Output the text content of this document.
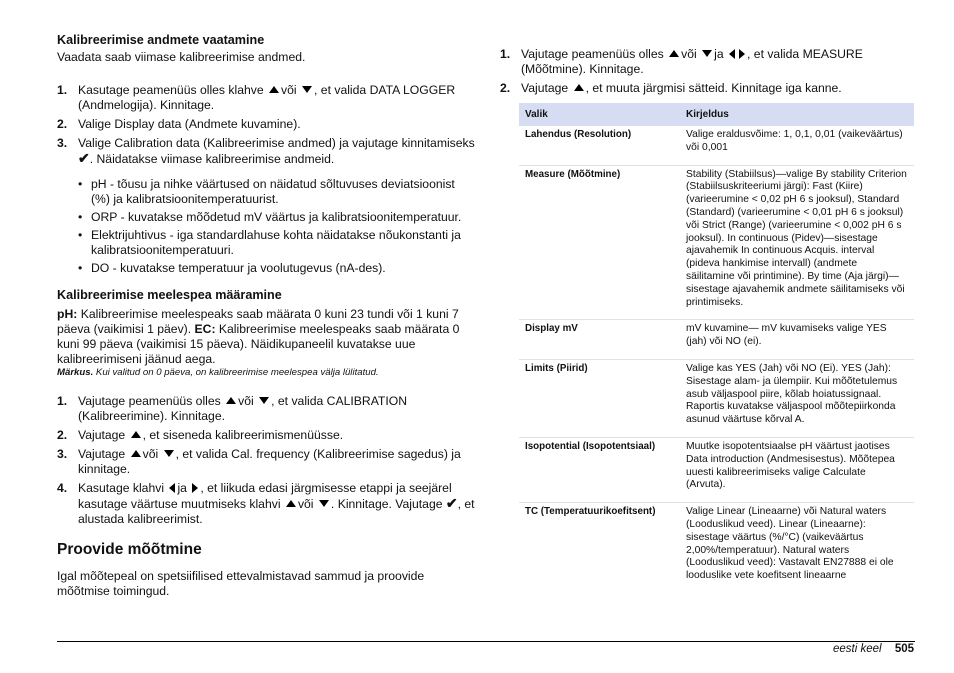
Kalibreerimise andmete vaatamine

Vaadata saab viimase kalibreerimise andmed.

1. Kasutage peamenüüs olles klahve või , et valida DATA LOGGER (Andmelogija). Kinnitage.
2. Valige Display data (Andmete kuvamine).
3. Valige Calibration data (Kalibreerimise andmed) ja vajutage kinnitamiseks ✔. Näidatakse viimase kalibreerimise andmeid.
• pH - tõusu ja nihke väärtused on näidatud sõltuvuses deviatsioonist (%) ja kalibratsioonitemperatuurist.
• ORP - kuvatakse mõõdetud mV väärtus ja kalibratsioonitemperatuur.
• Elektrijuhtivus - iga standardlahuse kohta näidatakse nõukonstanti ja kalibratsioonitemperatuuri.
• DO - kuvatakse temperatuur ja voolutugevus (nA-des).
Kalibreerimise meelespea määramine

pH: Kalibreerimise meelespeaks saab määrata 0 kuni 23 tundi või 1 kuni 7 päeva (vaikimisi 1 päev). EC: Kalibreerimise meelespeaks saab määrata 0 kuni 99 päeva (vaikimisi 15 päeva). Näidikupaneelil kuvatakse uue kalibreerimiseni jäänud aega.

Märkus. Kui valitud on 0 päeva, on kalibreerimise meelespea välja lülitatud.

1. Vajutage peamenüüs olles või , et valida CALIBRATION (Kalibreerimine). Kinnitage.
2. Vajutage , et siseneda kalibreerimismenüüsse.
3. Vajutage või , et valida Cal. frequency (Kalibreerimise sagedus) ja kinnitage.
4. Kasutage klahvi ja , et liikuda edasi järgmisesse etappi ja seejärel kasutage väärtuse muutmiseks klahvi või . Kinnitage. Vajutage ✔, et alustada kalibreerimist.
Proovide mõõtmine

Igal mõõtepeal on spetsiifilised ettevalmistavad sammud ja proovide mõõtmise toimingud.

1. Vajutage peamenüüs olles või ja , et valida MEASURE (Mõõtmine). Kinnitage.
2. Vajutage , et muuta järgmisi sätteid. Kinnitage iga kanne.
Valik	Kirjeldus
Lahendus (Resolution)	Valige eraldusvõime: 1, 0,1, 0,01 (vaikeväärtus) või 0,001
Measure (Mõõtmine)	Stability (Stabiilsus)—valige By stability Criterion (Stabiilsuskriteeriumi järgi): Fast (Kiire)(varieerumine < 0,02 pH 6 s jooksul), Standard (Standard) (varieerumine < 0,01 pH 6 s jooksul) või Strict (Range) (varieerumine < 0,002 pH 6 s jooksul). In continuous (Pidev)—sisestage ajavahemik In continuous Acquis. interval (pideva hankimise intervall) (andmete säilitamine või printimine). By time (Aja järgi)—sisestage ajavahemik andmete säilitamiseks või printimiseks.
Display mV	mV kuvamine— mV kuvamiseks valige YES (jah) või NO (ei).
Limits (Piirid)	Valige kas YES (Jah) või NO (Ei). YES (Jah): Sisestage alam- ja ülempiir. Kui mõõtetulemus asub väljaspool piire, kõlab hoiatussignaal. Raportis kuvatakse väljaspool mõõtepiirkonda asunud väärtuse kõrval A.
Isopotential (Isopotentsiaal)	Muutke isopotentsiaalse pH väärtust jaotises Data introduction (Andmesisestus). Mõõtepea uuesti kalibreerimiseks valige Calculate (Arvuta).
TC (Temperatuurikoefitsent)	Valige Linear (Lineaarne) või Natural waters (Looduslikud veed). Linear (Lineaarne): sisestage väärtus (%/°C) (vaikeväärtus 2,00%/temperatuur). Natural waters (Looduslikud veed): Vastavalt EN27888 ei ole looduslike vete koefitsent lineaarne
eesti keel 505
